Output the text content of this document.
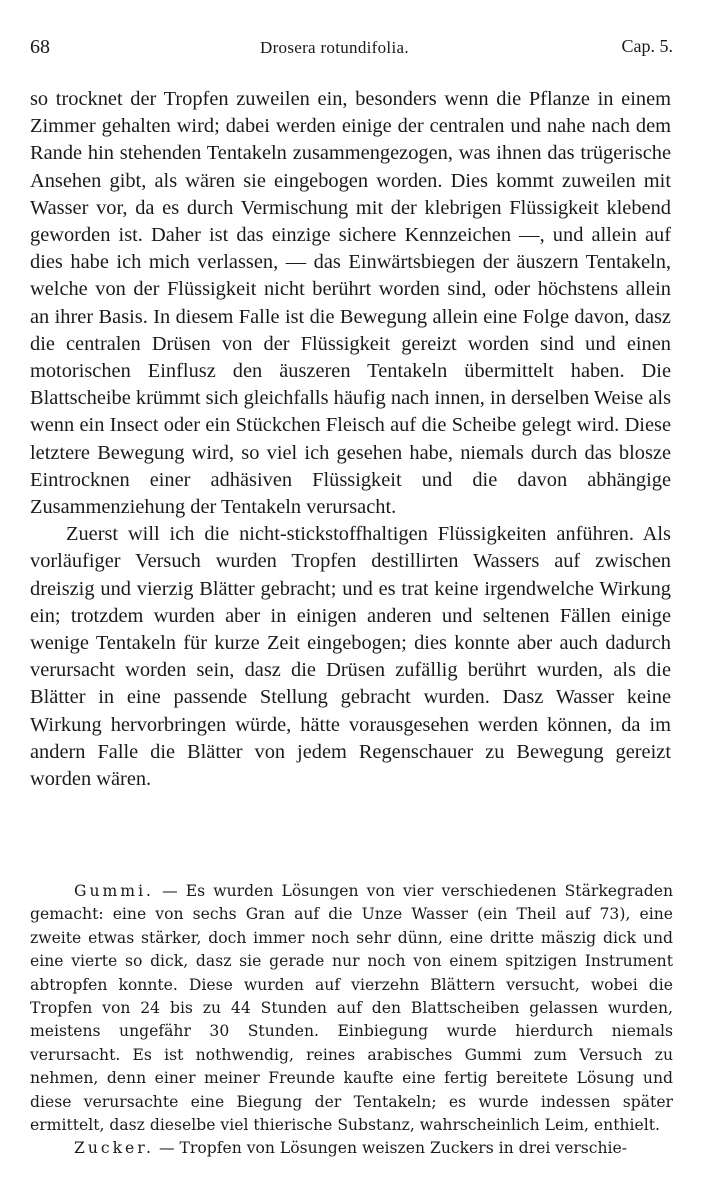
68	Drosera rotundifolia.	Cap. 5.

so trocknet der Tropfen zuweilen ein, besonders wenn die Pflanze in einem Zimmer gehalten wird; dabei werden einige der centralen und nahe nach dem Rande hin stehenden Tentakeln zusammengezogen, was ihnen das trügerische Ansehen gibt, als wären sie eingebogen worden. Dies kommt zuweilen mit Wasser vor, da es durch Vermischung mit der klebrigen Flüssigkeit klebend geworden ist. Daher ist das einzige sichere Kennzeichen —, und allein auf dies habe ich mich verlassen, — das Einwärtsbiegen der äuszern Tentakeln, welche von der Flüssigkeit nicht berührt worden sind, oder höchstens allein an ihrer Basis. In diesem Falle ist die Bewegung allein eine Folge davon, dasz die centralen Drüsen von der Flüssigkeit gereizt worden sind und einen motorischen Einflusz den äuszeren Tentakeln übermittelt haben. Die Blattscheibe krümmt sich gleichfalls häufig nach innen, in derselben Weise als wenn ein Insect oder ein Stückchen Fleisch auf die Scheibe gelegt wird. Diese letztere Bewegung wird, so viel ich gesehen habe, niemals durch das blosze Eintrocknen einer adhäsiven Flüssigkeit und die davon abhängige Zusammenziehung der Tentakeln verursacht.

Zuerst will ich die nicht-stickstoffhaltigen Flüssigkeiten anführen. Als vorläufiger Versuch wurden Tropfen destillirten Wassers auf zwischen dreiszig und vierzig Blätter gebracht; und es trat keine irgendwelche Wirkung ein; trotzdem wurden aber in einigen anderen und seltenen Fällen einige wenige Tentakeln für kurze Zeit eingebogen; dies konnte aber auch dadurch verursacht worden sein, dasz die Drüsen zufällig berührt wurden, als die Blätter in eine passende Stellung gebracht wurden. Dasz Wasser keine Wirkung hervorbringen würde, hätte vorausgesehen werden können, da im andern Falle die Blätter von jedem Regenschauer zu Bewegung gereizt worden wären.

Gummi. — Es wurden Lösungen von vier verschiedenen Stärkegraden gemacht: eine von sechs Gran auf die Unze Wasser (ein Theil auf 73), eine zweite etwas stärker, doch immer noch sehr dünn, eine dritte mäszig dick und eine vierte so dick, dasz sie gerade nur noch von einem spitzigen Instrument abtropfen konnte. Diese wurden auf vierzehn Blättern versucht, wobei die Tropfen von 24 bis zu 44 Stunden auf den Blattscheiben gelassen wurden, meistens ungefähr 30 Stunden. Einbiegung wurde hierdurch niemals verursacht. Es ist nothwendig, reines arabisches Gummi zum Versuch zu nehmen, denn einer meiner Freunde kaufte eine fertig bereitete Lösung und diese verursachte eine Biegung der Tentakeln; es wurde indessen später ermittelt, dasz dieselbe viel thierische Substanz, wahrscheinlich Leim, enthielt.

Zucker. — Tropfen von Lösungen weiszen Zuckers in drei verschie-
